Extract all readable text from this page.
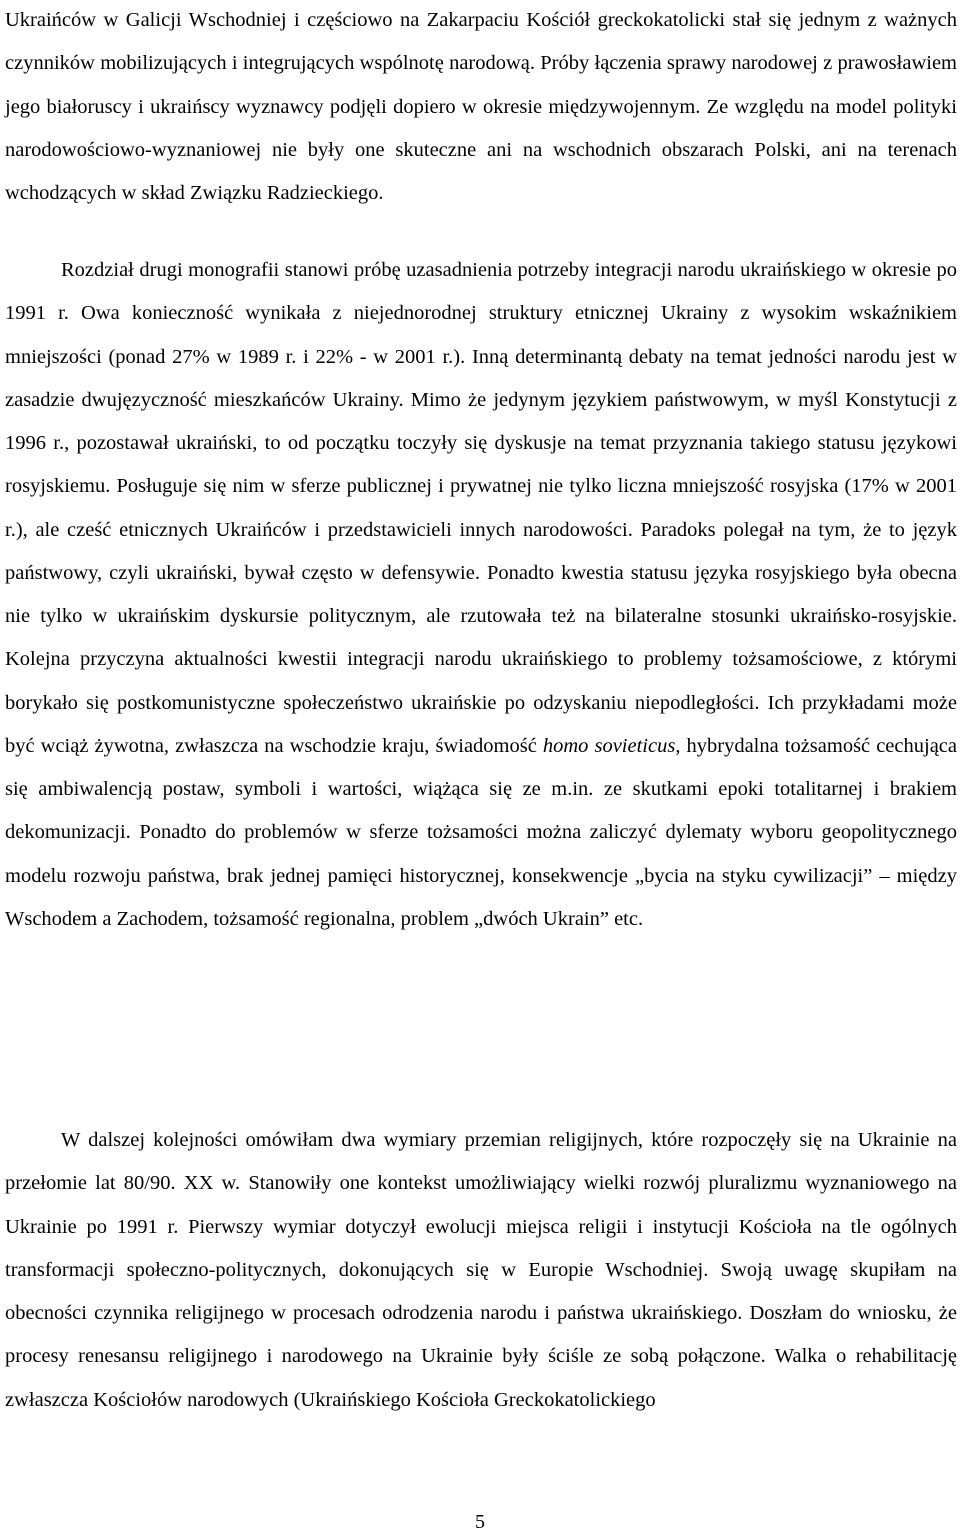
Ukraińców w Galicji Wschodniej i częściowo na Zakarpaciu Kościół greckokatolicki stał się jednym z ważnych czynników mobilizujących i integrujących wspólnotę narodową. Próby łączenia sprawy narodowej z prawosławiem jego białoruscy i ukraińscy wyznawcy podjęli dopiero w okresie międzywojennym. Ze względu na model polityki narodowościowo-wyznaniowej nie były one skuteczne ani na wschodnich obszarach Polski, ani na terenach wchodzących w skład Związku Radzieckiego.

Rozdział drugi monografii stanowi próbę uzasadnienia potrzeby integracji narodu ukraińskiego w okresie po 1991 r. Owa konieczność wynikała z niejednorodnej struktury etnicznej Ukrainy z wysokim wskaźnikiem mniejszości (ponad 27% w 1989 r. i 22% - w 2001 r.). Inną determinantą debaty na temat jedności narodu jest w zasadzie dwujęzyczność mieszkańców Ukrainy. Mimo że jedynym językiem państwowym, w myśl Konstytucji z 1996 r., pozostawał ukraiński, to od początku toczyły się dyskusje na temat przyznania takiego statusu językowi rosyjskiemu. Posługuje się nim w sferze publicznej i prywatnej nie tylko liczna mniejszość rosyjska (17% w 2001 r.), ale cześć etnicznych Ukraińców i przedstawicieli innych narodowości. Paradoks polegał na tym, że to język państwowy, czyli ukraiński, bywał często w defensywie. Ponadto kwestia statusu języka rosyjskiego była obecna nie tylko w ukraińskim dyskursie politycznym, ale rzutowała też na bilateralne stosunki ukraińsko-rosyjskie. Kolejna przyczyna aktualności kwestii integracji narodu ukraińskiego to problemy tożsamościowe, z którymi borykało się postkomunistyczne społeczeństwo ukraińskie po odzyskaniu niepodległości. Ich przykładami może być wciąż żywotna, zwłaszcza na wschodzie kraju, świadomość homo sovieticus, hybrydalna tożsamość cechująca się ambiwalencją postaw, symboli i wartości, wiążąca się ze m.in. ze skutkami epoki totalitarnej i brakiem dekomunizacji. Ponadto do problemów w sferze tożsamości można zaliczyć dylematy wyboru geopolitycznego modelu rozwoju państwa, brak jednej pamięci historycznej, konsekwencje „bycia na styku cywilizacji” – między Wschodem a Zachodem, tożsamość regionalna, problem „dwóch Ukrain” etc.

W dalszej kolejności omówiłam dwa wymiary przemian religijnych, które rozpoczęły się na Ukrainie na przełomie lat 80/90. XX w. Stanowiły one kontekst umożliwiający wielki rozwój pluralizmu wyznaniowego na Ukrainie po 1991 r. Pierwszy wymiar dotyczył ewolucji miejsca religii i instytucji Kościoła na tle ogólnych transformacji społeczno-politycznych, dokonujących się w Europie Wschodniej. Swoją uwagę skupiłam na obecności czynnika religijnego w procesach odrodzenia narodu i państwa ukraińskiego. Doszłam do wniosku, że procesy renesansu religijnego i narodowego na Ukrainie były ściśle ze sobą połączone. Walka o rehabilitację zwłaszcza Kościołów narodowych (Ukraińskiego Kościoła Greckokatolickiego

5
